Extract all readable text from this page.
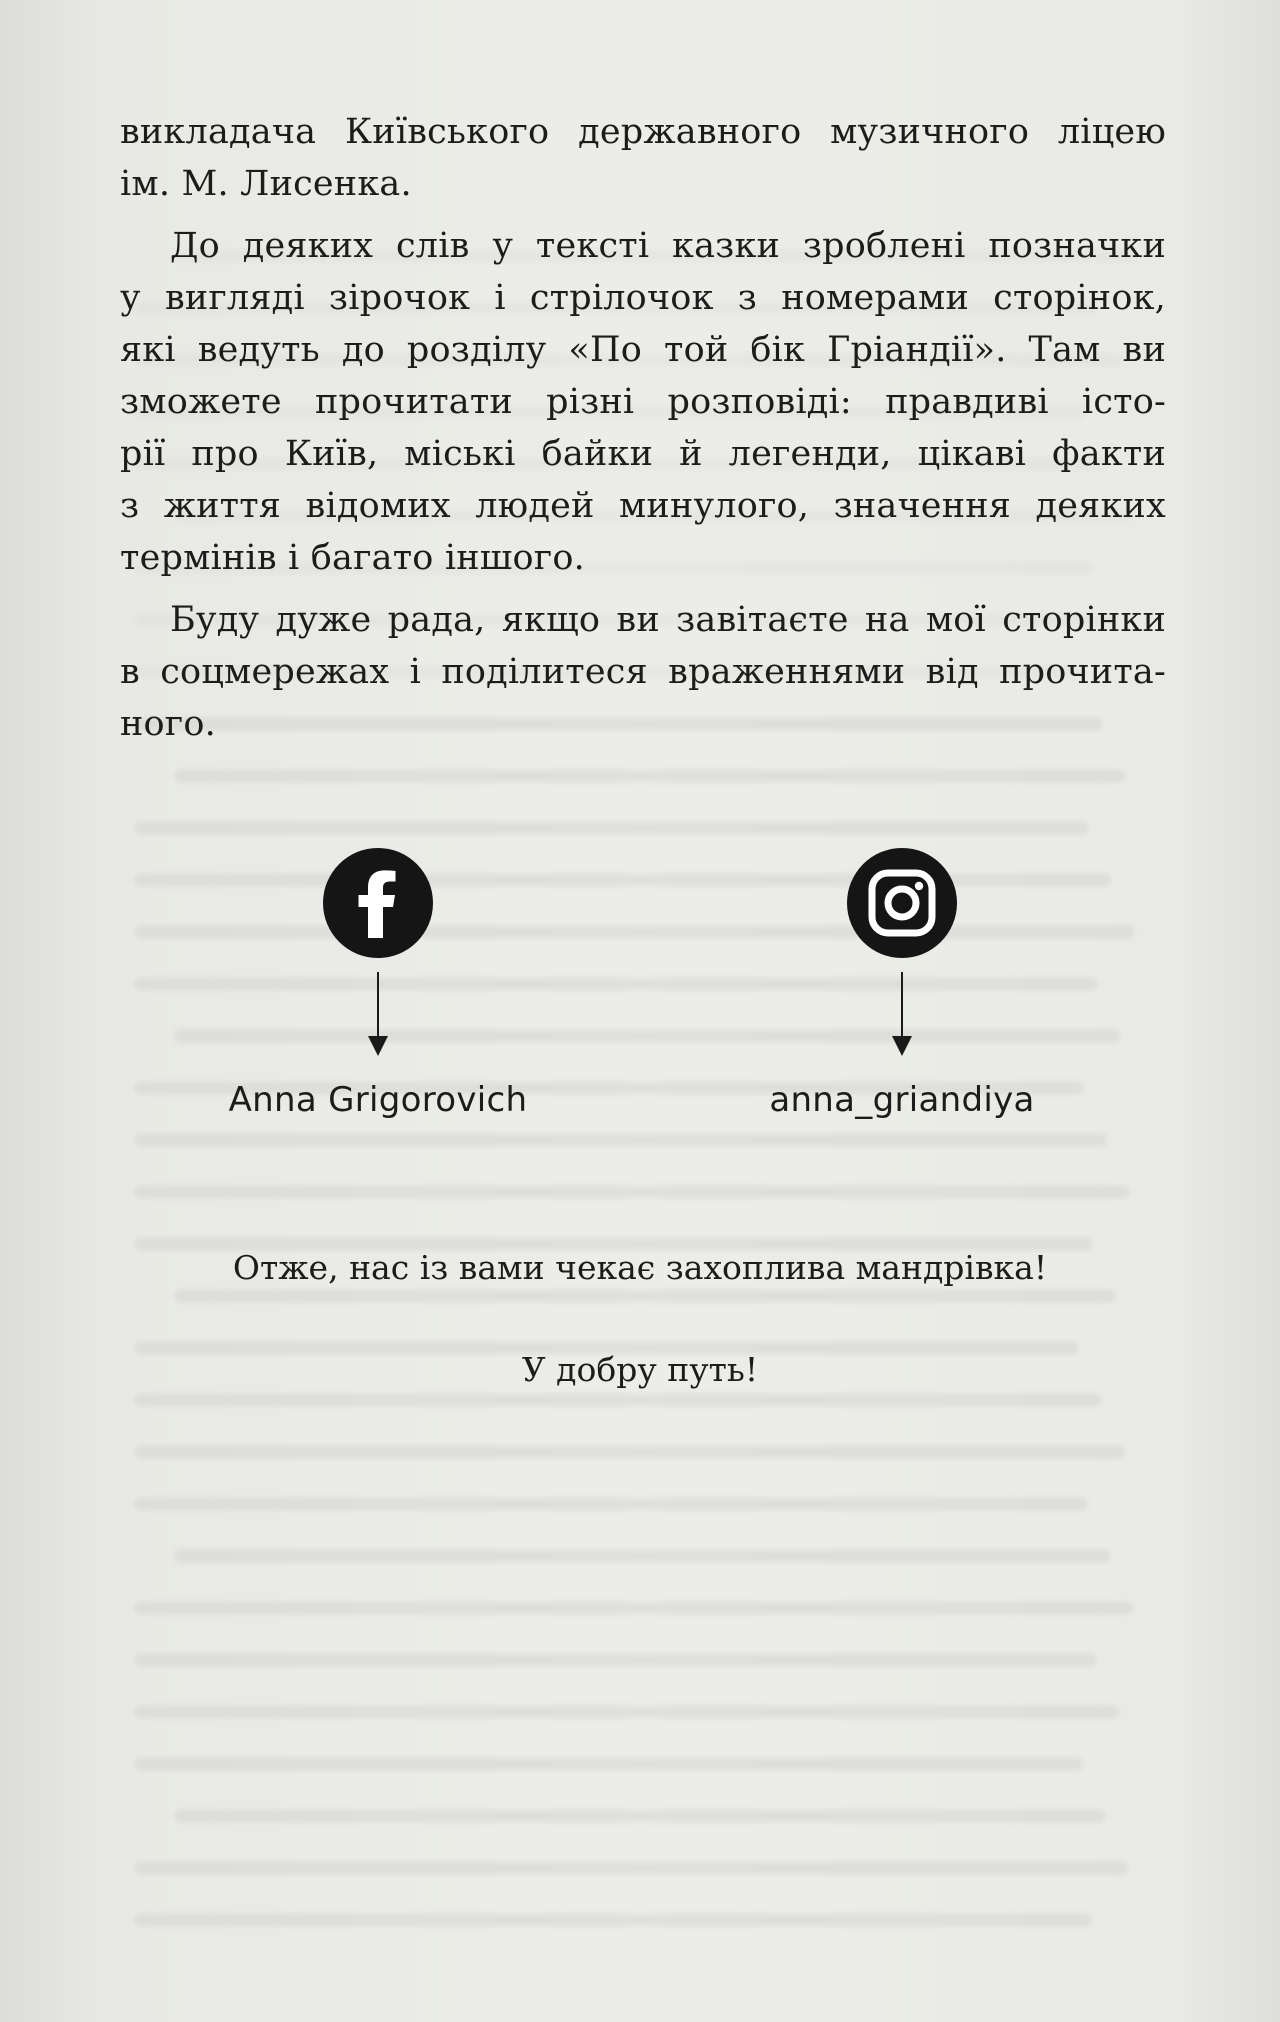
викладача Київського державного музичного ліцею
ім. М. Лисенка.
До деяких слів у тексті казки зроблені позначки
у вигляді зірочок і стрілочок з номерами сторінок,
які ведуть до розділу «По той бік Гріандії». Там ви
зможете прочитати різні розповіді: правдиві істо-
рії про Київ, міські байки й легенди, цікаві факти
з життя відомих людей минулого, значення деяких
термінів і багато іншого.
Буду дуже рада, якщо ви завітаєте на мої сторінки
в соцмережах і поділитеся враженнями від прочита-
ного.
Anna Grigorovich	anna_griandiya
Отже, нас із вами чекає захоплива мандрівка!
У добру путь!
